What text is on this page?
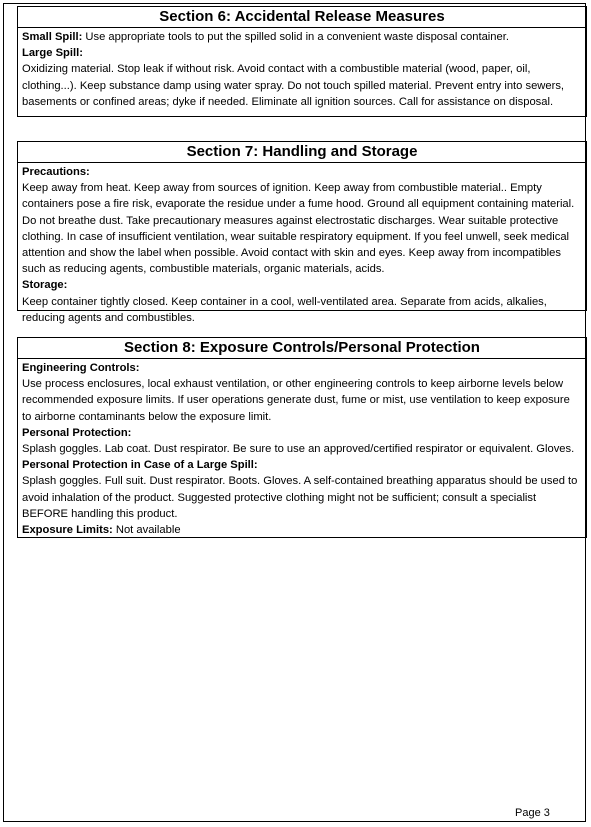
Section 6: Accidental Release Measures

Small Spill: Use appropriate tools to put the spilled solid in a convenient waste disposal container.

Large Spill:

Oxidizing material. Stop leak if without risk. Avoid contact with a combustible material (wood, paper, oil, clothing...). Keep substance damp using water spray. Do not touch spilled material. Prevent entry into sewers, basements or confined areas; dyke if needed. Eliminate all ignition sources. Call for assistance on disposal.

Section 7: Handling and Storage

Precautions:

Keep away from heat. Keep away from sources of ignition. Keep away from combustible material.. Empty containers pose a fire risk, evaporate the residue under a fume hood. Ground all equipment containing material. Do not breathe dust. Take precautionary measures against electrostatic discharges. Wear suitable protective clothing. In case of insufficient ventilation, wear suitable respiratory equipment. If you feel unwell, seek medical attention and show the label when possible. Avoid contact with skin and eyes. Keep away from incompatibles such as reducing agents, combustible materials, organic materials, acids.

Storage:

Keep container tightly closed. Keep container in a cool, well-ventilated area. Separate from acids, alkalies, reducing agents and combustibles.

Section 8: Exposure Controls/Personal Protection

Engineering Controls:

Use process enclosures, local exhaust ventilation, or other engineering controls to keep airborne levels below recommended exposure limits. If user operations generate dust, fume or mist, use ventilation to keep exposure to airborne contaminants below the exposure limit.

Personal Protection:

Splash goggles. Lab coat. Dust respirator. Be sure to use an approved/certified respirator or equivalent. Gloves.

Personal Protection in Case of a Large Spill:

Splash goggles. Full suit. Dust respirator. Boots. Gloves. A self-contained breathing apparatus should be used to avoid inhalation of the product. Suggested protective clothing might not be sufficient; consult a specialist BEFORE handling this product.

Exposure Limits: Not available

Page 3
